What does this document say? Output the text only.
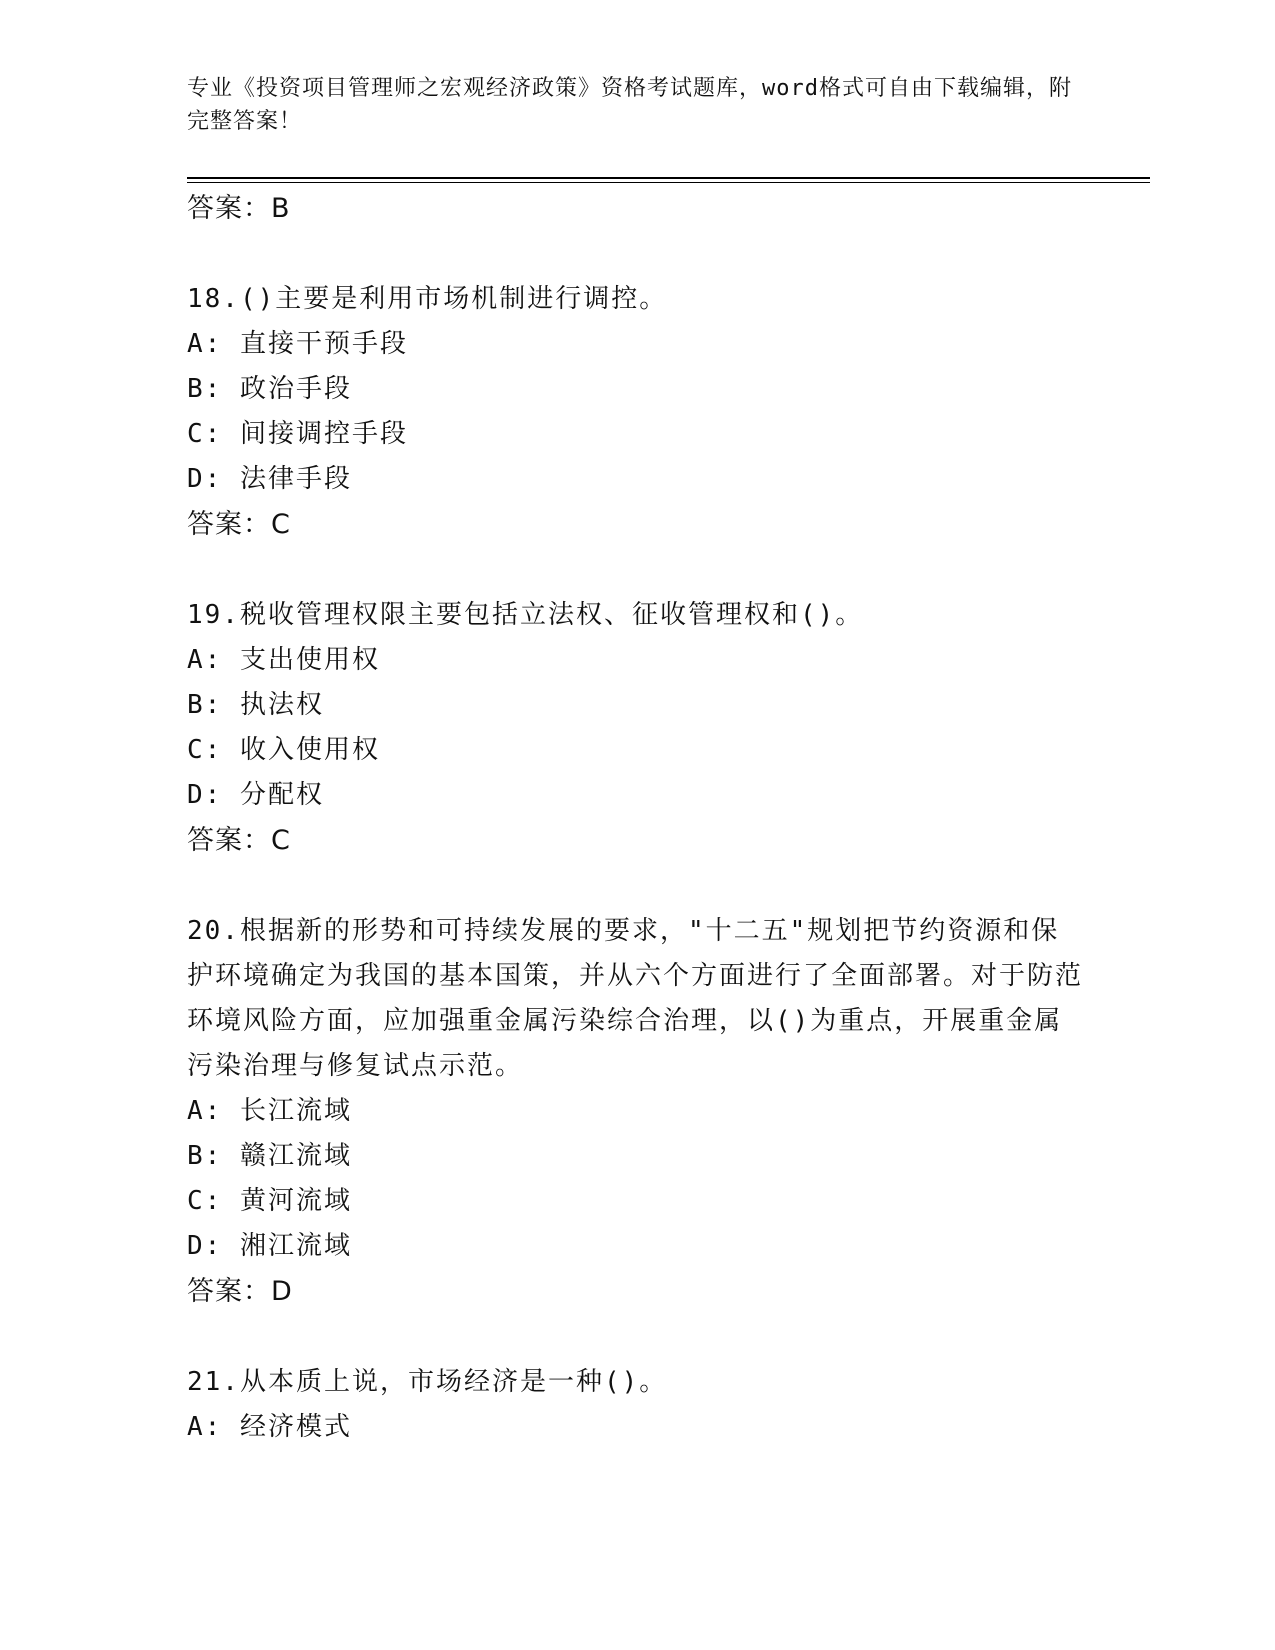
专业《投资项目管理师之宏观经济政策》资格考试题库，word格式可自由下载编辑，附完整答案！
答案：B
18.()主要是利用市场机制进行调控。
A: 直接干预手段
B: 政治手段
C: 间接调控手段
D: 法律手段
答案：C
19.税收管理权限主要包括立法权、征收管理权和()。
A: 支出使用权
B: 执法权
C: 收入使用权
D: 分配权
答案：C
20.根据新的形势和可持续发展的要求，"十二五"规划把节约资源和保护环境确定为我国的基本国策，并从六个方面进行了全面部署。对于防范环境风险方面，应加强重金属污染综合治理，以()为重点，开展重金属污染治理与修复试点示范。
A: 长江流域
B: 赣江流域
C: 黄河流域
D: 湘江流域
答案：D
21.从本质上说，市场经济是一种()。
A: 经济模式
